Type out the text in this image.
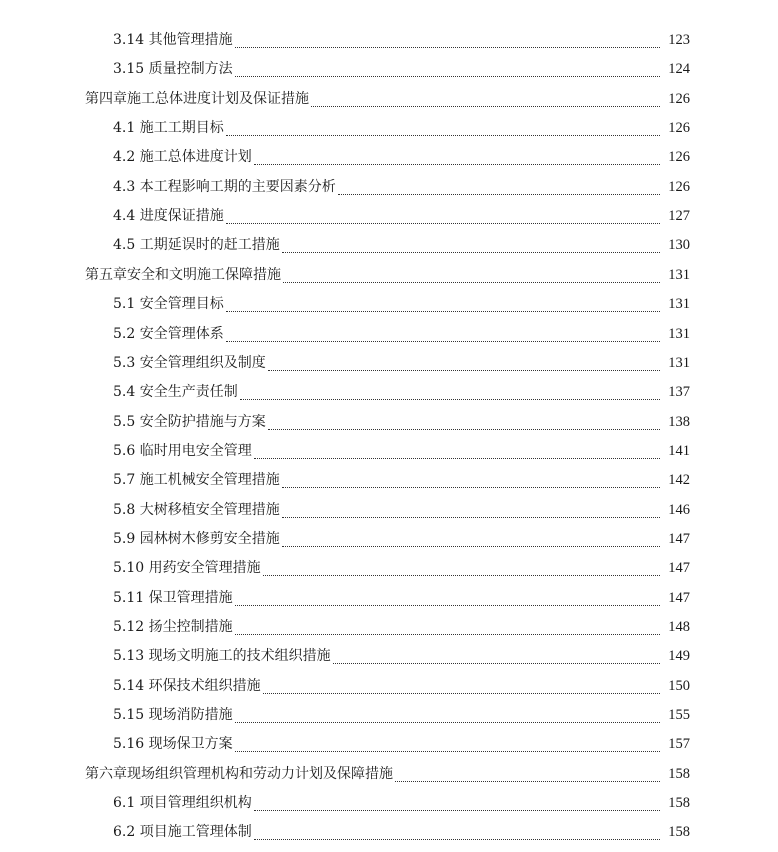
3.14 其他管理措施	123
3.15 质量控制方法	124
第四章施工总体进度计划及保证措施	126
4.1 施工工期目标	126
4.2 施工总体进度计划	126
4.3 本工程影响工期的主要因素分析	126
4.4 进度保证措施	127
4.5 工期延误时的赶工措施	130
第五章安全和文明施工保障措施	131
5.1 安全管理目标	131
5.2 安全管理体系	131
5.3 安全管理组织及制度	131
5.4 安全生产责任制	137
5.5 安全防护措施与方案	138
5.6 临时用电安全管理	141
5.7 施工机械安全管理措施	142
5.8 大树移植安全管理措施	146
5.9 园林树木修剪安全措施	147
5.10 用药安全管理措施	147
5.11 保卫管理措施	147
5.12 扬尘控制措施	148
5.13 现场文明施工的技术组织措施	149
5.14 环保技术组织措施	150
5.15 现场消防措施	155
5.16 现场保卫方案	157
第六章现场组织管理机构和劳动力计划及保障措施	158
6.1 项目管理组织机构	158
6.2 项目施工管理体制	158
